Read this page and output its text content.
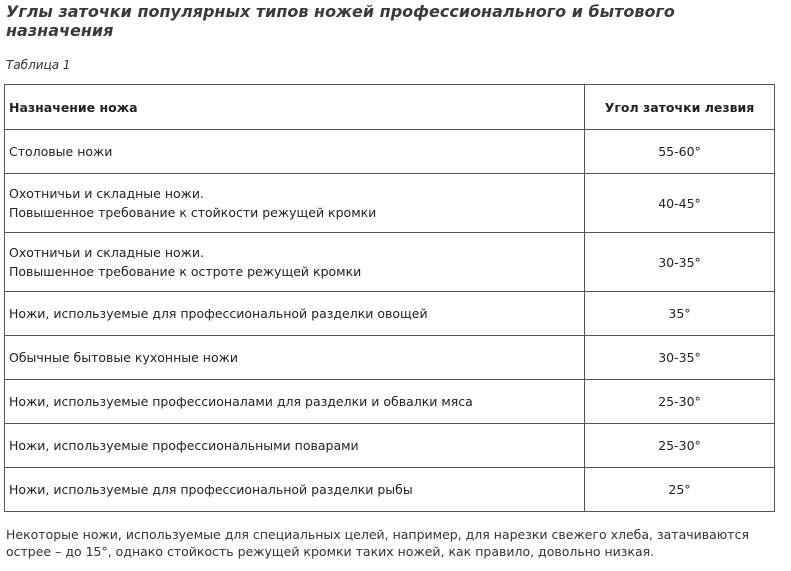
Углы заточки популярных типов ножей профессионального и бытового назначения
Таблица 1
Назначение ножа	Угол заточки лезвия
Столовые ножи	55-60°
Охотничьи и складные ножи.
Повышенное требование к стойкости режущей кромки	40-45°
Охотничьи и складные ножи.
Повышенное требование к остроте режущей кромки	30-35°
Ножи, используемые для профессиональной разделки овощей	35°
Обычные бытовые кухонные ножи	30-35°
Ножи, используемые профессионалами для разделки и обвалки мяса	25-30°
Ножи, используемые профессиональными поварами	25-30°
Ножи, используемые для профессиональной разделки рыбы	25°
Некоторые ножи, используемые для специальных целей, например, для нарезки свежего хлеба, затачиваются острее – до 15°, однако стойкость режущей кромки таких ножей, как правило, довольно низкая.
